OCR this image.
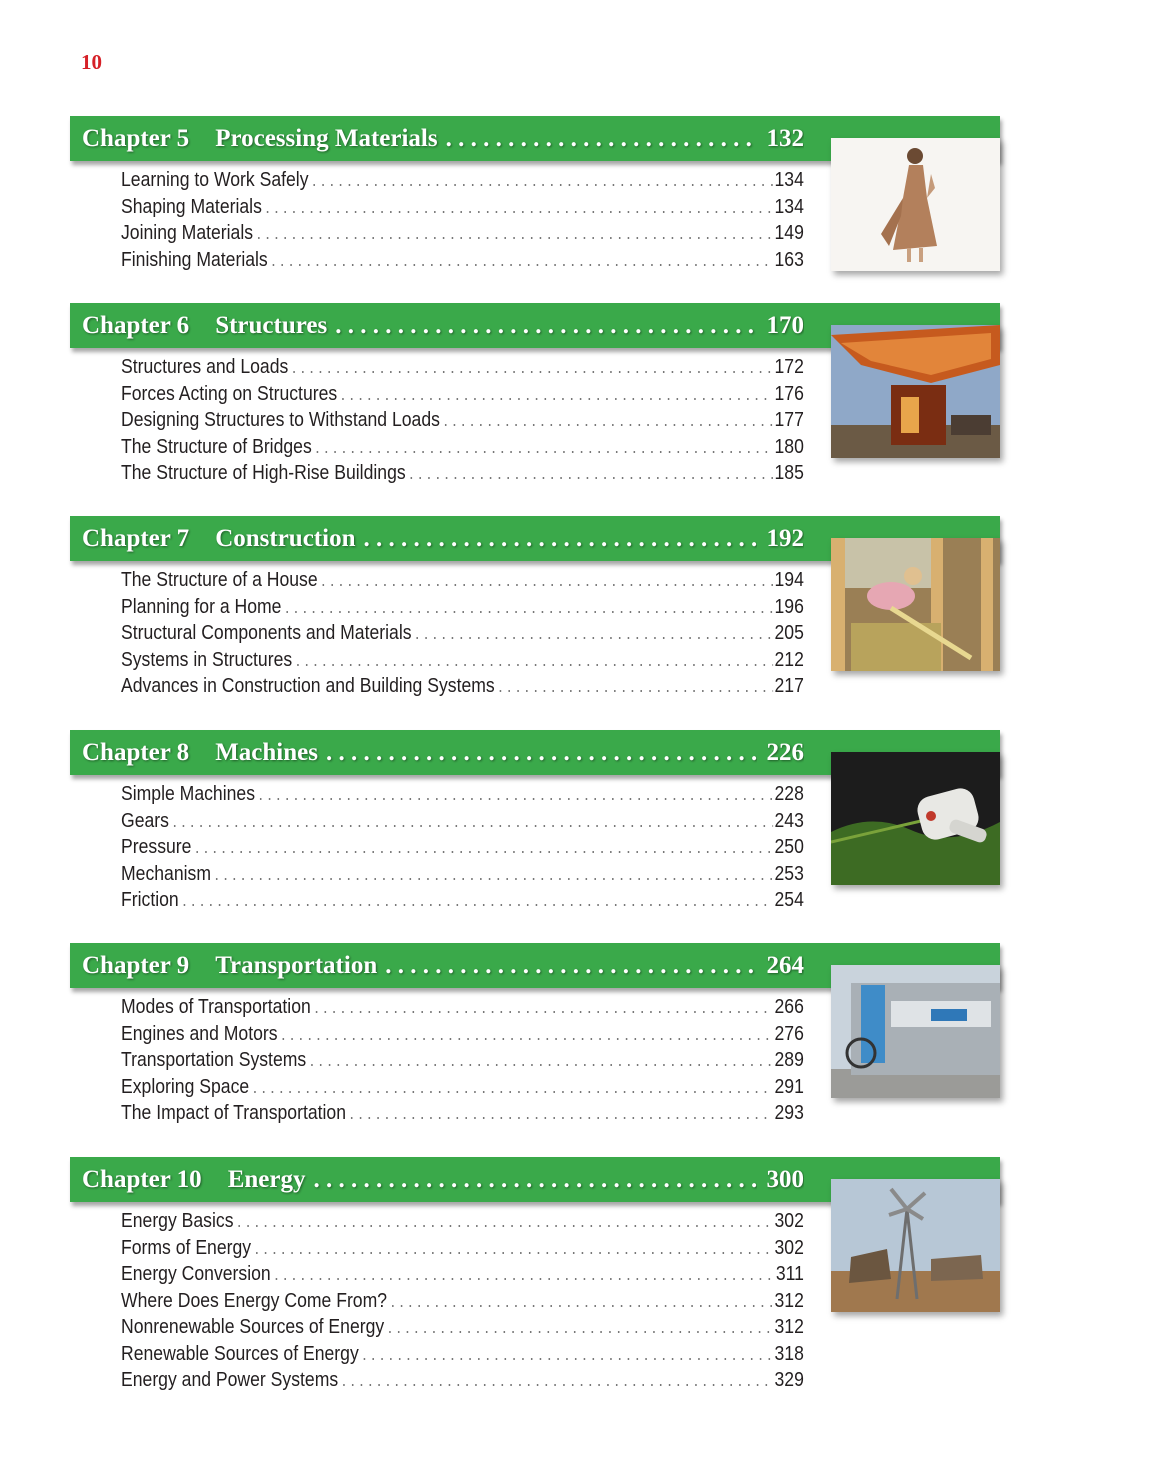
10
Chapter 5 Processing Materials . . .	132
Learning to Work Safely . . .	134
Shaping Materials . . .	134
Joining Materials . . .	149
Finishing Materials . . .	163
Chapter 6 Structures . . .	170
Structures and Loads . . .	172
Forces Acting on Structures . . .	176
Designing Structures to Withstand Loads . . .	177
The Structure of Bridges . . .	180
The Structure of High-Rise Buildings . . .	185
Chapter 7 Construction . . .	192
The Structure of a House . . .	194
Planning for a Home . . .	196
Structural Components and Materials . . .	205
Systems in Structures . . .	212
Advances in Construction and Building Systems . . .	217
Chapter 8 Machines . . .	226
Simple Machines . . .	228
Gears . . .	243
Pressure . . .	250
Mechanism . . .	253
Friction . . .	254
Chapter 9 Transportation . . .	264
Modes of Transportation . . .	266
Engines and Motors . . .	276
Transportation Systems . . .	289
Exploring Space . . .	291
The Impact of Transportation . . .	293
Chapter 10 Energy . . .	300
Energy Basics . . .	302
Forms of Energy . . .	302
Energy Conversion . . .	311
Where Does Energy Come From? . . .	312
Nonrenewable Sources of Energy . . .	312
Renewable Sources of Energy . . .	318
Energy and Power Systems . . .	329
